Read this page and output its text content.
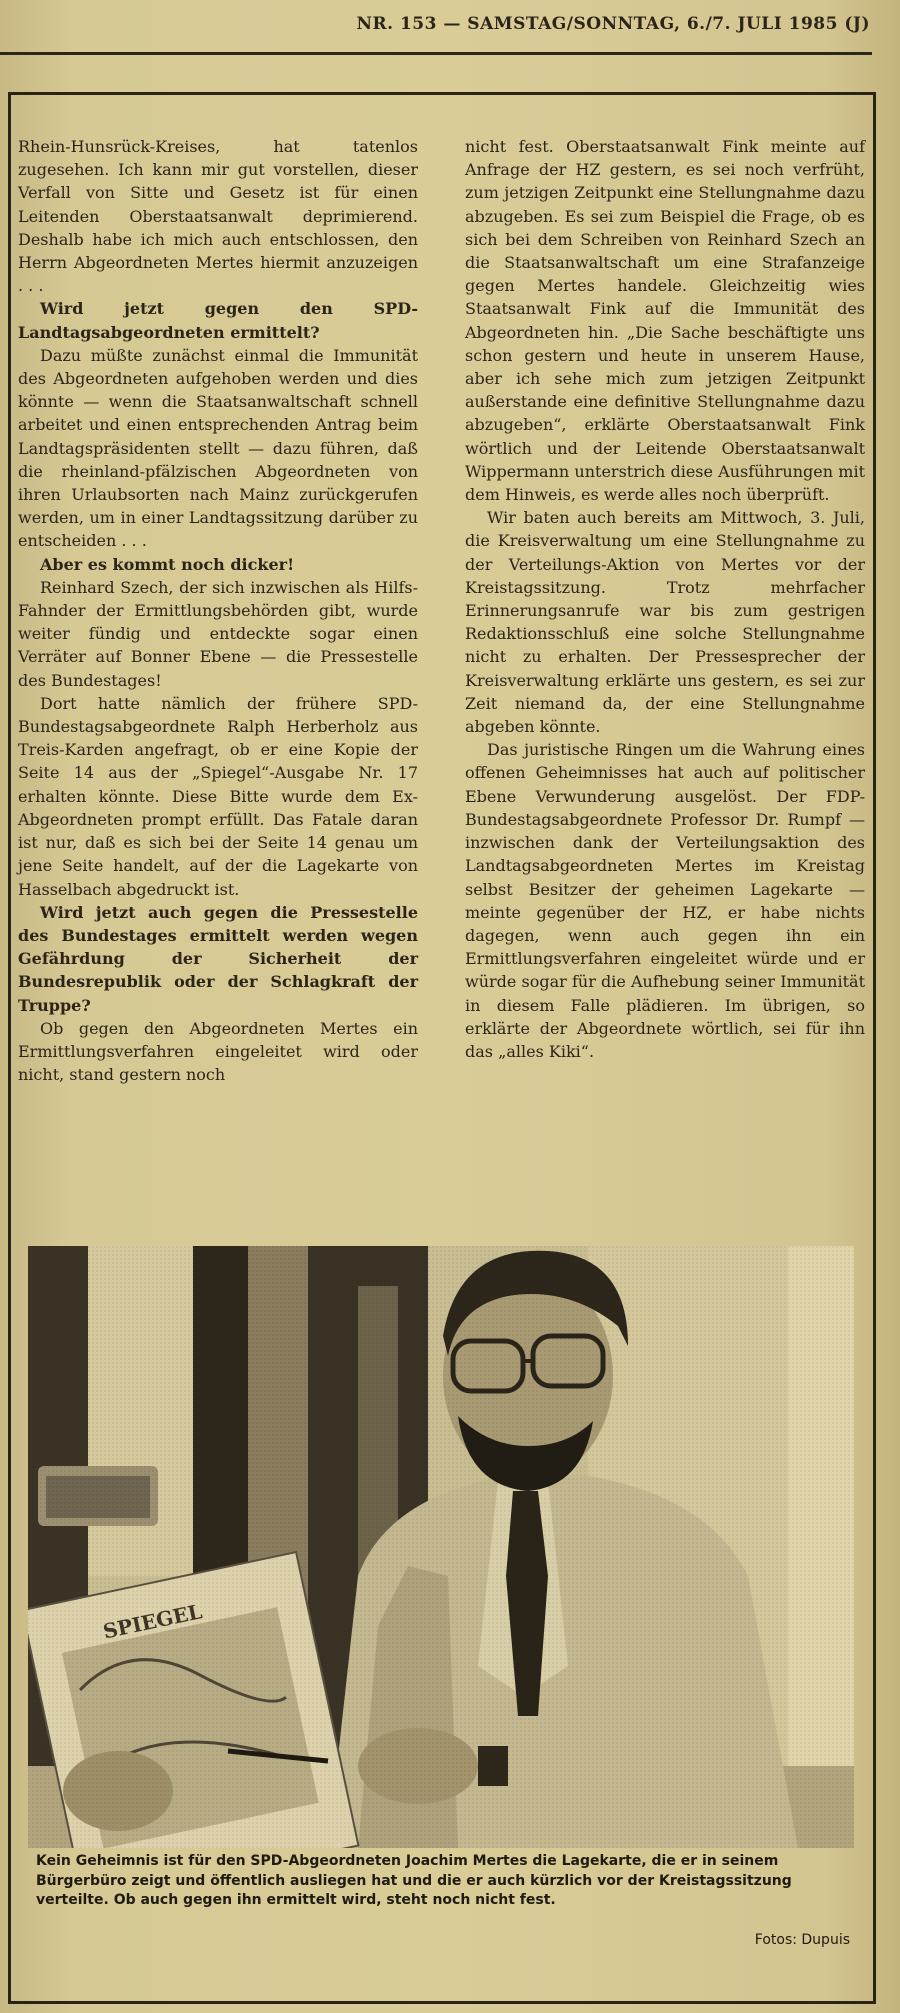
NR. 153 — SAMSTAG/SONNTAG, 6./7. JULI 1985 (J)

Rhein-Hunsrück-Kreises, hat tatenlos zugesehen. Ich kann mir gut vorstellen, dieser Verfall von Sitte und Gesetz ist für einen Leitenden Oberstaatsanwalt deprimierend. Deshalb habe ich mich auch entschlossen, den Herrn Abgeordneten Mertes hiermit anzuzeigen . . .

Wird jetzt gegen den SPD-Landtagsabgeordneten ermittelt?

Dazu müßte zunächst einmal die Immunität des Abgeordneten aufgehoben werden und dies könnte — wenn die Staatsanwaltschaft schnell arbeitet und einen entsprechenden Antrag beim Landtagspräsidenten stellt — dazu führen, daß die rheinland-pfälzischen Abgeordneten von ihren Urlaubsorten nach Mainz zurückgerufen werden, um in einer Landtagssitzung darüber zu entscheiden . . .

Aber es kommt noch dicker!

Reinhard Szech, der sich inzwischen als Hilfs-Fahnder der Ermittlungsbehörden gibt, wurde weiter fündig und entdeckte sogar einen Verräter auf Bonner Ebene — die Pressestelle des Bundestages!

Dort hatte nämlich der frühere SPD-Bundestagsabgeordnete Ralph Herberholz aus Treis-Karden angefragt, ob er eine Kopie der Seite 14 aus der „Spiegel“-Ausgabe Nr. 17 erhalten könnte. Diese Bitte wurde dem Ex-Abgeordneten prompt erfüllt. Das Fatale daran ist nur, daß es sich bei der Seite 14 genau um jene Seite handelt, auf der die Lagekarte von Hasselbach abgedruckt ist.

Wird jetzt auch gegen die Pressestelle des Bundestages ermittelt werden wegen Gefährdung der Sicherheit der Bundesrepublik oder der Schlagkraft der Truppe?

Ob gegen den Abgeordneten Mertes ein Ermittlungsverfahren eingeleitet wird oder nicht, stand gestern noch

nicht fest. Oberstaatsanwalt Fink meinte auf Anfrage der HZ gestern, es sei noch verfrüht, zum jetzigen Zeitpunkt eine Stellungnahme dazu abzugeben. Es sei zum Beispiel die Frage, ob es sich bei dem Schreiben von Reinhard Szech an die Staatsanwaltschaft um eine Strafanzeige gegen Mertes handele. Gleichzeitig wies Staatsanwalt Fink auf die Immunität des Abgeordneten hin. „Die Sache beschäftigte uns schon gestern und heute in unserem Hause, aber ich sehe mich zum jetzigen Zeitpunkt außerstande eine definitive Stellungnahme dazu abzugeben“, erklärte Oberstaatsanwalt Fink wörtlich und der Leitende Oberstaatsanwalt Wippermann unterstrich diese Ausführungen mit dem Hinweis, es werde alles noch überprüft.

Wir baten auch bereits am Mittwoch, 3. Juli, die Kreisverwaltung um eine Stellungnahme zu der Verteilungs-Aktion von Mertes vor der Kreistagssitzung. Trotz mehrfacher Erinnerungsanrufe war bis zum gestrigen Redaktionsschluß eine solche Stellungnahme nicht zu erhalten. Der Pressesprecher der Kreisverwaltung erklärte uns gestern, es sei zur Zeit niemand da, der eine Stellungnahme abgeben könnte.

Das juristische Ringen um die Wahrung eines offenen Geheimnisses hat auch auf politischer Ebene Verwunderung ausgelöst. Der FDP-Bundestagsabgeordnete Professor Dr. Rumpf — inzwischen dank der Verteilungsaktion des Landtagsabgeordneten Mertes im Kreistag selbst Besitzer der geheimen Lagekarte — meinte gegenüber der HZ, er habe nichts dagegen, wenn auch gegen ihn ein Ermittlungsverfahren eingeleitet würde und er würde sogar für die Aufhebung seiner Immunität in diesem Falle plädieren. Im übrigen, so erklärte der Abgeordnete wörtlich, sei für ihn das „alles Kiki“.

Kein Geheimnis ist für den SPD-Abgeordneten Joachim Mertes die Lagekarte, die er in seinem Bürgerbüro zeigt und öffentlich ausliegen hat und die er auch kürzlich vor der Kreistagssitzung verteilte. Ob auch gegen ihn ermittelt wird, steht noch nicht fest.
Fotos: Dupuis
